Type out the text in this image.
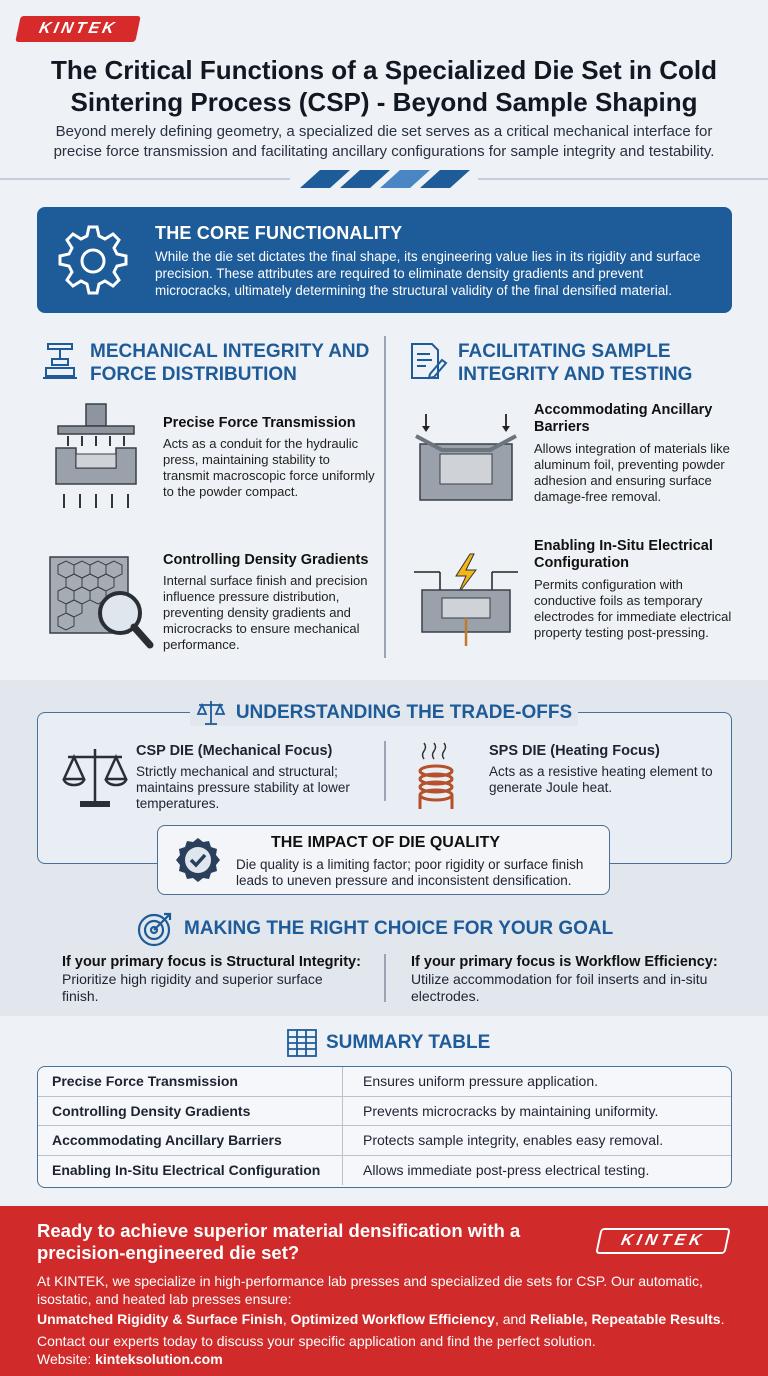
KINTEK
The Critical Functions of a Specialized Die Set in Cold Sintering Process (CSP) - Beyond Sample Shaping

Beyond merely defining geometry, a specialized die set serves as a critical mechanical interface for precise force transmission and facilitating ancillary configurations for sample integrity and testability.

THE CORE FUNCTIONALITY

While the die set dictates the final shape, its engineering value lies in its rigidity and surface precision. These attributes are required to eliminate density gradients and prevent microcracks, ultimately determining the structural validity of the final densified material.

MECHANICAL INTEGRITY AND FORCE DISTRIBUTION
FACILITATING SAMPLE INTEGRITY AND TESTING
Precise Force Transmission

Acts as a conduit for the hydraulic press, maintaining stability to transmit macroscopic force uniformly to the powder compact.

Controlling Density Gradients

Internal surface finish and precision influence pressure distribution, preventing density gradients and microcracks to ensure mechanical performance.

Accommodating Ancillary Barriers

Allows integration of materials like aluminum foil, preventing powder adhesion and ensuring surface damage-free removal.

Enabling In-Situ Electrical Configuration

Permits configuration with conductive foils as temporary electrodes for immediate electrical property testing post-pressing.

CSP DIE (Mechanical Focus)

Strictly mechanical and structural; maintains pressure stability at lower temperatures.

SPS DIE (Heating Focus)

Acts as a resistive heating element to generate Joule heat.

UNDERSTANDING THE TRADE-OFFS
THE IMPACT OF DIE QUALITY

Die quality is a limiting factor; poor rigidity or surface finish leads to uneven pressure and inconsistent densification.

MAKING THE RIGHT CHOICE FOR YOUR GOAL
If your primary focus is Structural Integrity:
Prioritize high rigidity and superior surface finish.
If your primary focus is Workflow Efficiency:
Utilize accommodation for foil inserts and in-situ electrodes.
SUMMARY TABLE
Precise Force Transmission	Ensures uniform pressure application.
Controlling Density Gradients	Prevents microcracks by maintaining uniformity.
Accommodating Ancillary Barriers	Protects sample integrity, enables easy removal.
Enabling In-Situ Electrical Configuration	Allows immediate post-press electrical testing.
Ready to achieve superior material densification with a precision-engineered die set?
KINTEK

At KINTEK, we specialize in high-performance lab presses and specialized die sets for CSP. Our automatic, isostatic, and heated lab presses ensure:

Unmatched Rigidity & Surface Finish, Optimized Workflow Efficiency, and Reliable, Repeatable Results.

Contact our experts today to discuss your specific application and find the perfect solution.

Website: kinteksolution.com
